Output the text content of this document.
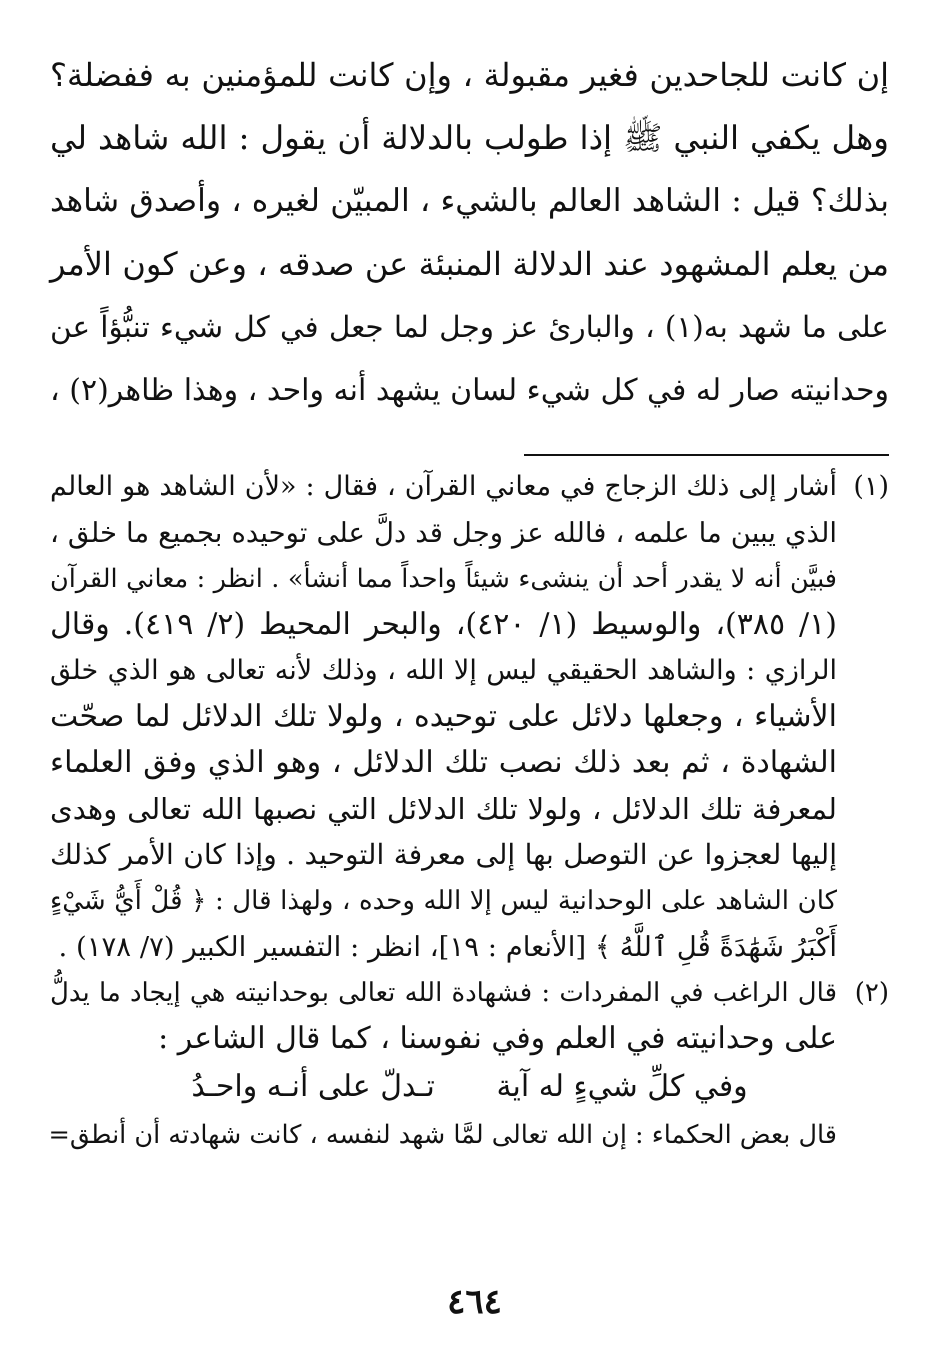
إن كانت للجاحدين فغير مقبولة ، وإن كانت للمؤمنين به ففضلة؟
وهل يكفي النبي ﷺ إذا طولب بالدلالة أن يقول : الله شاهد لي
بذلك؟ قيل : الشاهد العالم بالشيء ، المبيّن لغيره ، وأصدق شاهد
من يعلم المشهود عند الدلالة المنبئة عن صدقه ، وعن كون الأمر
على ما شهد به(١) ، والبارئ عز وجل لما جعل في كل شيء تنبُّؤاً عن
وحدانيته صار له في كل شيء لسان يشهد أنه واحد ، وهذا ظاهر(٢) ،
(١)
أشار إلى ذلك الزجاج في معاني القرآن ، فقال : «لأن الشاهد هو العالم
الذي يبين ما علمه ، فالله عز وجل قد دلَّ على توحيده بجميع ما خلق ،
فبيَّن أنه لا يقدر أحد أن ينشىء شيئاً واحداً مما أنشأ» . انظر : معاني القرآن
(١/ ٣٨٥)، والوسيط (١/ ٤٢٠)، والبحر المحيط (٢/ ٤١٩). وقال
الرازي : والشاهد الحقيقي ليس إلا الله ، وذلك لأنه تعالى هو الذي خلق
الأشياء ، وجعلها دلائل على توحيده ، ولولا تلك الدلائل لما صحّت
الشهادة ، ثم بعد ذلك نصب تلك الدلائل ، وهو الذي وفق العلماء
لمعرفة تلك الدلائل ، ولولا تلك الدلائل التي نصبها الله تعالى وهدى
إليها لعجزوا عن التوصل بها إلى معرفة التوحيد . وإذا كان الأمر كذلك
كان الشاهد على الوحدانية ليس إلا الله وحده ، ولهذا قال : ﴿ قُلْ أَيُّ شَيْءٍ
أَكْبَرُ شَهَٰدَةً قُلِ ٱللَّهُ ﴾ [الأنعام : ١٩]، انظر : التفسير الكبير (٧/ ١٧٨) .
(٢)
قال الراغب في المفردات : فشهادة الله تعالى بوحدانيته هي إيجاد ما يدلُّ
على وحدانيته في العلم وفي نفوسنا ، كما قال الشاعر :
وفي كلِّ شيءٍ له آية تـدلّ على أنـه واحـدُ
قال بعض الحكماء : إن الله تعالى لمَّا شهد لنفسه ، كانت شهادته أن أنطق=
٤٦٤
